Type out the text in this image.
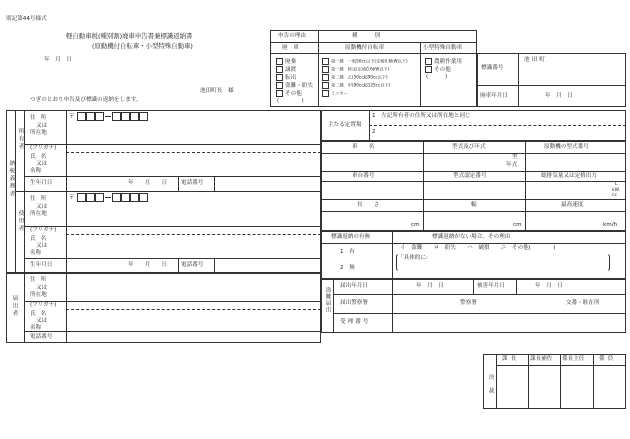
別記第44号様式
軽自動車税(種別割)廃車申告書兼標識返納書
(原動機付自転車・小型特殊自動車)
年　月　日
池田町長　様
つぎのとおり申告及び標識の返納をします。
申告の理由	種　　　別
廃　車	原動機付自転車	小型特殊自動車
廃棄
譲渡
転出
盗難・紛失
その他
(　　　　)
第一種　一般50cc以下(定格0.6kW以下)
第一種　特定(定格0.6kW以下)
第二種　乙(50cc超90cc以下)
第二種　甲(90cc超125cc以下)
ミニカー
農耕作業用
その他
(　　　)
標識番号
池田町
廃車年月日	年　月　日
納税義務者
所有者
使用者
住所
又は
所在地
〒
(フリガナ)
氏名
又は
名称
生年月日	年　　月　　日 電話番号
住所
又は
所在地
〒
(フリガナ)
氏名
又は
名称
生年月日	年　　月　　日 電話番号
主たる定置場
1　左記所有者の住所又は所在地と同じ
2
車　　名	型式及び年式	原動機の型式番号
型
年式
車台番号	型式認定番号	総排気量又は定格出力
L
kW
cc
長　　さ	幅	最高速度
cm	cm	km/h
標識返納の有無	標識返納がない場合、その理由
1　有
2　無
イ　盗難　　ロ　紛失　　ハ　破損　　ニ　その他(　　　　)
「具体的に:
届出者
住所
又は
所在地
(フリガナ)
氏名
又は
名称
電話番号
盗難届出
届出年月日	年　月　日	被害年月日	年　月　日
届出警察署	警察署	交番・駐在所
受理番号
決裁
課長 課長補佐 係長主任	係員
